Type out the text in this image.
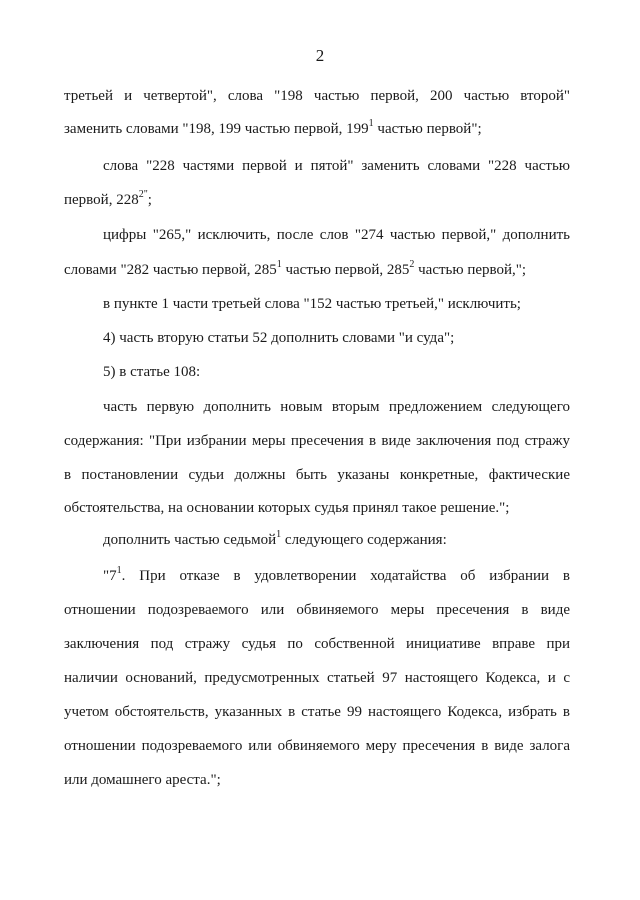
2
третьей и четвертой", слова "198 частью первой, 200 частью второй"
заменить словами "198, 199 частью первой, $199^1$ частью первой";
слова "228 частями первой и пятой" заменить словами "228 частью
первой, $228^{2"}$;
цифры "265," исключить, после слов "274 частью первой," дополнить
словами "282 частью первой, $285^1$ частью первой, $285^2$ частью первой,";
в пункте 1 части третьей слова "152 частью третьей," исключить;
4) часть вторую статьи 52 дополнить словами "и суда";
5) в статье 108:
часть первую дополнить новым вторым предложением следующего
содержания: "При избрании меры пресечения в виде заключения под стражу
в постановлении судьи должны быть указаны конкретные, фактические
обстоятельства, на основании которых судья принял такое решение.";
дополнить частью седьмой$^1$ следующего содержания:
"$7^1$. При отказе в удовлетворении ходатайства об избрании в
отношении подозреваемого или обвиняемого меры пресечения в виде
заключения под стражу судья по собственной инициативе вправе при
наличии оснований, предусмотренных статьей 97 настоящего Кодекса, и с
учетом обстоятельств, указанных в статье 99 настоящего Кодекса, избрать в
отношении подозреваемого или обвиняемого меру пресечения в виде залога
или домашнего ареста.";
